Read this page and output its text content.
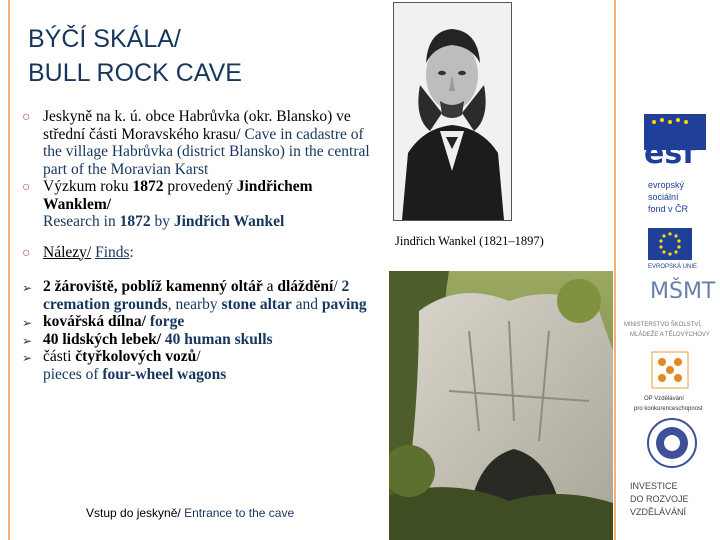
BÝČÍ SKÁLA/
BULL ROCK CAVE
○ Jeskyně na k. ú. obce Habrůvka (okr. Blansko) ve střední části Moravského krasu/ Cave in cadastre of the village Habrůvka (district Blansko) in the central part of the Moravian Karst
○ Výzkum roku 1872 provedený Jindřichem Wanklem/
Research in 1872 by Jindřich Wankel
○ Nálezy/ Finds:
➢ 2 žároviště, poblíž kamenný oltář a dláždění/ 2 cremation grounds, nearby stone altar and paving
➢ kovářská dílna/ forge
➢ 40 lidských lebek/ 40 human skulls
➢ části čtyřkolových vozů/
pieces of four-wheel wagons
Jindřich Wankel (1821–1897)
Vstup do jeskyně/ Entrance to the cave
esf
evropský
sociální
fond v ČR
EVROPSKÁ UNIE
MŠMT
MINISTERSTVO ŠKOLSTVÍ,
MLÁDEŽE A TĚLOVÝCHOVY
OP Vzdělávání
pro konkurenceschopnost
INVESTICE
DO ROZVOJE
VZDĚLÁVÁNÍ
